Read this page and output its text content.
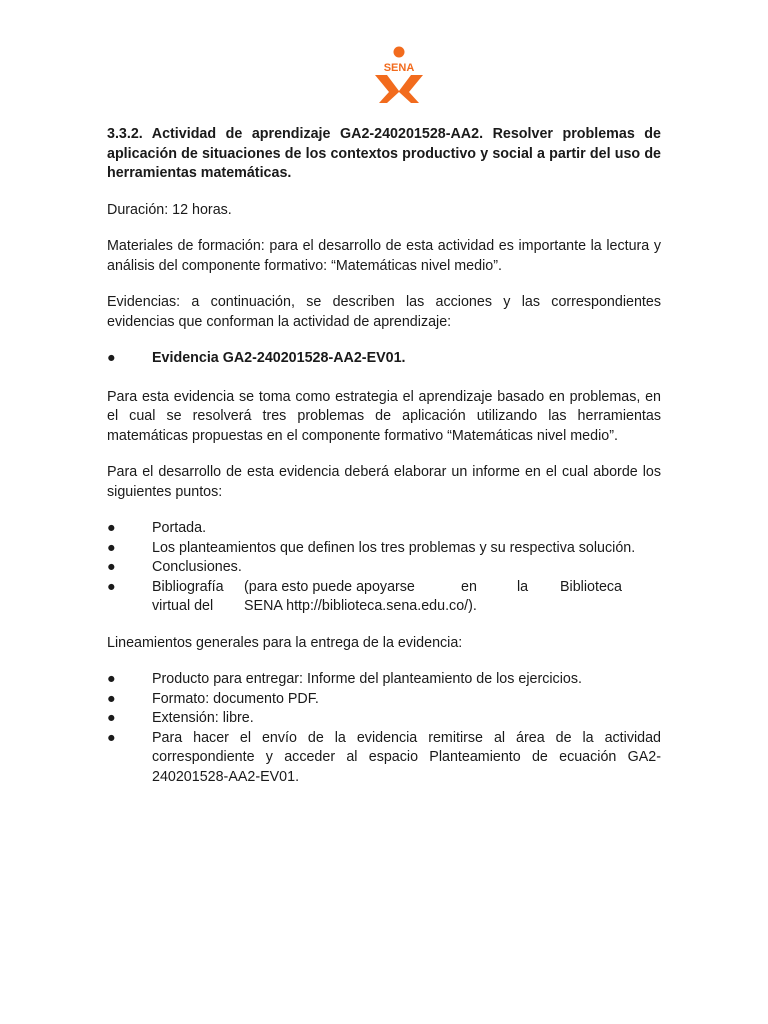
SENA
3.3.2. Actividad de aprendizaje GA2-240201528-AA2. Resolver problemas de aplicación de situaciones de los contextos productivo y social a partir del uso de herramientas matemáticas.

Duración: 12 horas.

Materiales de formación: para el desarrollo de esta actividad es importante la lectura y análisis del componente formativo: “Matemáticas nivel medio”.

Evidencias: a continuación, se describen las acciones y las correspondientes evidencias que conforman la actividad de aprendizaje:

●	Evidencia GA2-240201528-AA2-EV01.

Para esta evidencia se toma como estrategia el aprendizaje basado en problemas, en el cual se resolverá tres problemas de aplicación utilizando las herramientas matemáticas propuestas en el componente formativo “Matemáticas nivel medio”.

Para el desarrollo de esta evidencia deberá elaborar un informe en el cual aborde los siguientes puntos:

●	Portada.
●	Los planteamientos que definen los tres problemas y su respectiva solución.
●	Conclusiones.
●	Bibliografía	(para esto puede apoyarse	en	la	Biblioteca
virtual del SENA http://biblioteca.sena.edu.co/).

Lineamientos generales para la entrega de la evidencia:

●	Producto para entregar: Informe del planteamiento de los ejercicios.
●	Formato: documento PDF.
●	Extensión: libre.
●	Para hacer el envío de la evidencia remitirse al área de la actividad correspondiente y acceder al espacio Planteamiento de ecuación GA2-240201528-AA2-EV01.
